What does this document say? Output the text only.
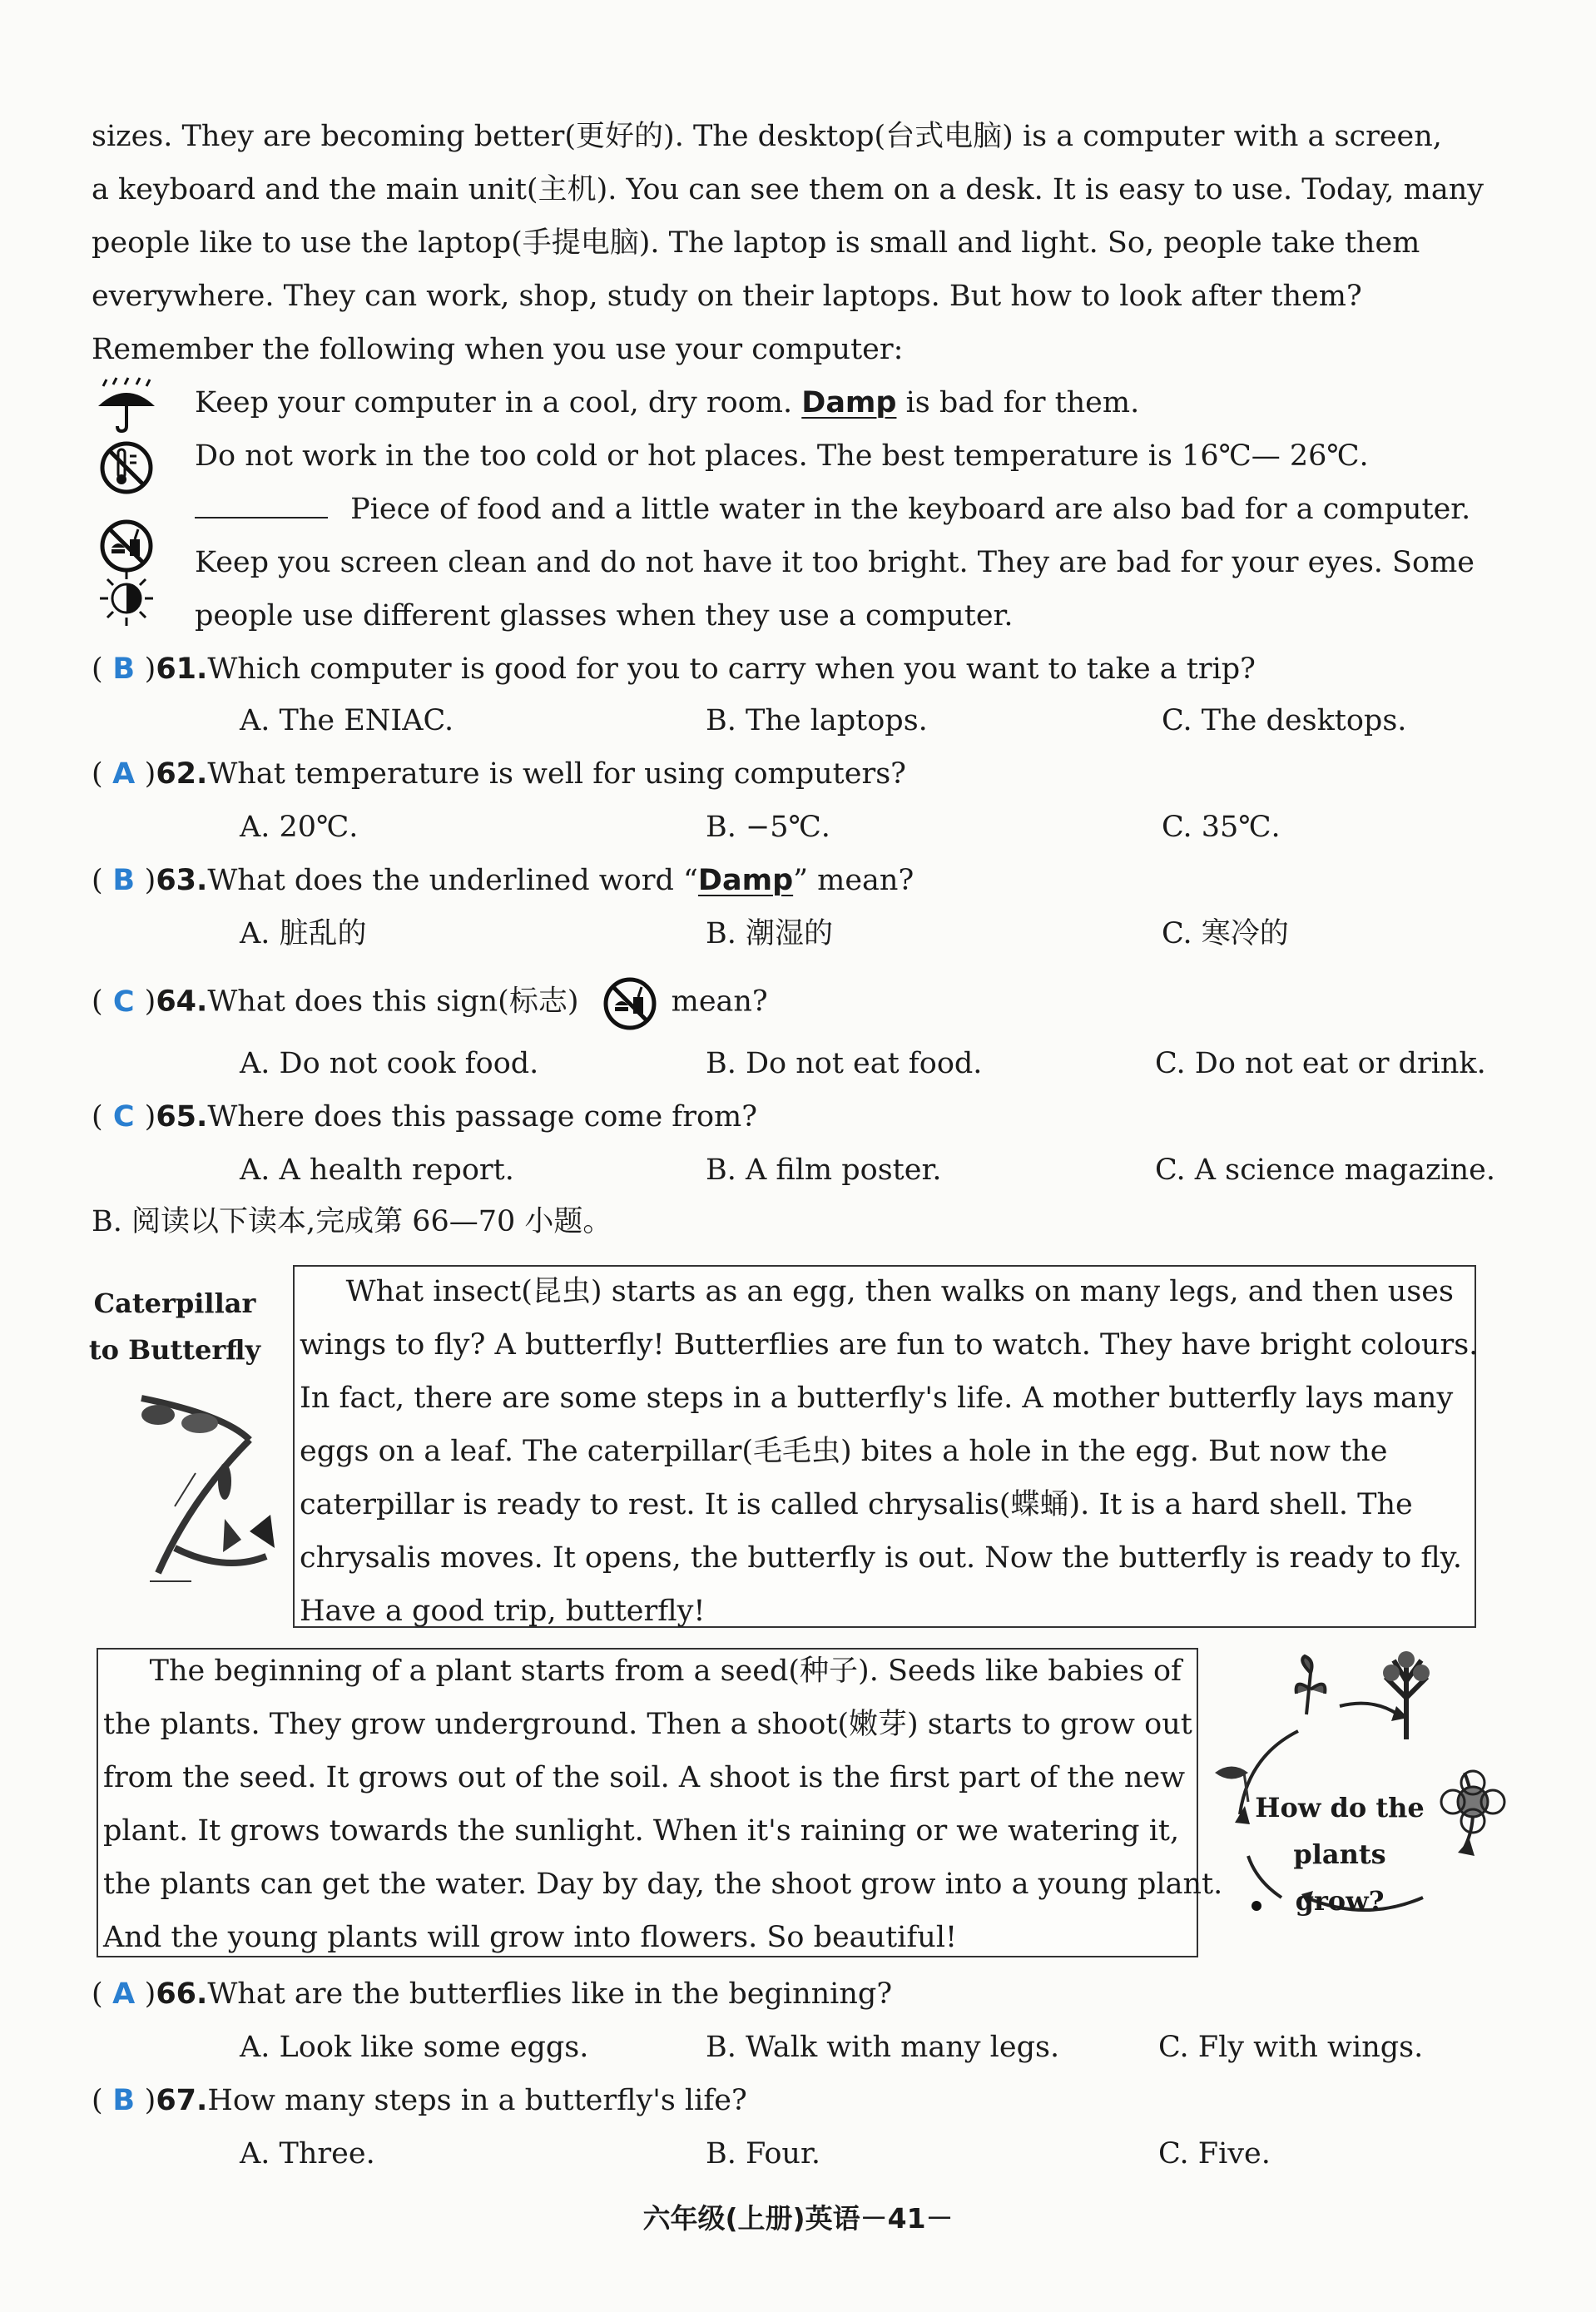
sizes. They are becoming better(更好的). The desktop(台式电脑) is a computer with a screen,
a keyboard and the main unit(主机). You can see them on a desk. It is easy to use. Today, many
people like to use the laptop(手提电脑). The laptop is small and light. So, people take them
everywhere. They can work, shop, study on their laptops. But how to look after them?
Remember the following when you use your computer:
Keep your computer in a cool, dry room. Damp is bad for them.
Do not work in the too cold or hot places. The best temperature is 16℃— 26℃.
Piece of food and a little water in the keyboard are also bad for a computer.
Keep you screen clean and do not have it too bright. They are bad for your eyes. Some
people use different glasses when they use a computer.
( B )61.Which computer is good for you to carry when you want to take a trip?
A. The ENIAC.	B. The laptops.	C. The desktops.
( A )62.What temperature is well for using computers?
A. 20℃.	B. −5℃.	C. 35℃.
( B )63.What does the underlined word “Damp” mean?
A. 脏乱的	B. 潮湿的	C. 寒冷的
( C )64.What does this sign(标志)	mean?
A. Do not cook food.	B. Do not eat food.	C. Do not eat or drink.
( C )65.Where does this passage come from?
A. A health report.	B. A film poster.	C. A science magazine.
B. 阅读以下读本,完成第 66—70 小题。
Caterpillar
to Butterfly
What insect(昆虫) starts as an egg, then walks on many legs, and then uses
wings to fly? A butterfly! Butterflies are fun to watch. They have bright colours.
In fact, there are some steps in a butterfly's life. A mother butterfly lays many
eggs on a leaf. The caterpillar(毛毛虫) bites a hole in the egg. But now the
caterpillar is ready to rest. It is called chrysalis(蝶蛹). It is a hard shell. The
chrysalis moves. It opens, the butterfly is out. Now the butterfly is ready to fly.
Have a good trip, butterfly!
The beginning of a plant starts from a seed(种子). Seeds like babies of
the plants. They grow underground. Then a shoot(嫩芽) starts to grow out
from the seed. It grows out of the soil. A shoot is the first part of the new
plant. It grows towards the sunlight. When it's raining or we watering it,
the plants can get the water. Day by day, the shoot grow into a young plant.
And the young plants will grow into flowers. So beautiful!
How do the
plants grow?
( A )66.What are the butterflies like in the beginning?
A. Look like some eggs.	B. Walk with many legs.	C. Fly with wings.
( B )67.How many steps in a butterfly's life?
A. Three.	B. Four.	C. Five.
六年级(上册)英语－41－
